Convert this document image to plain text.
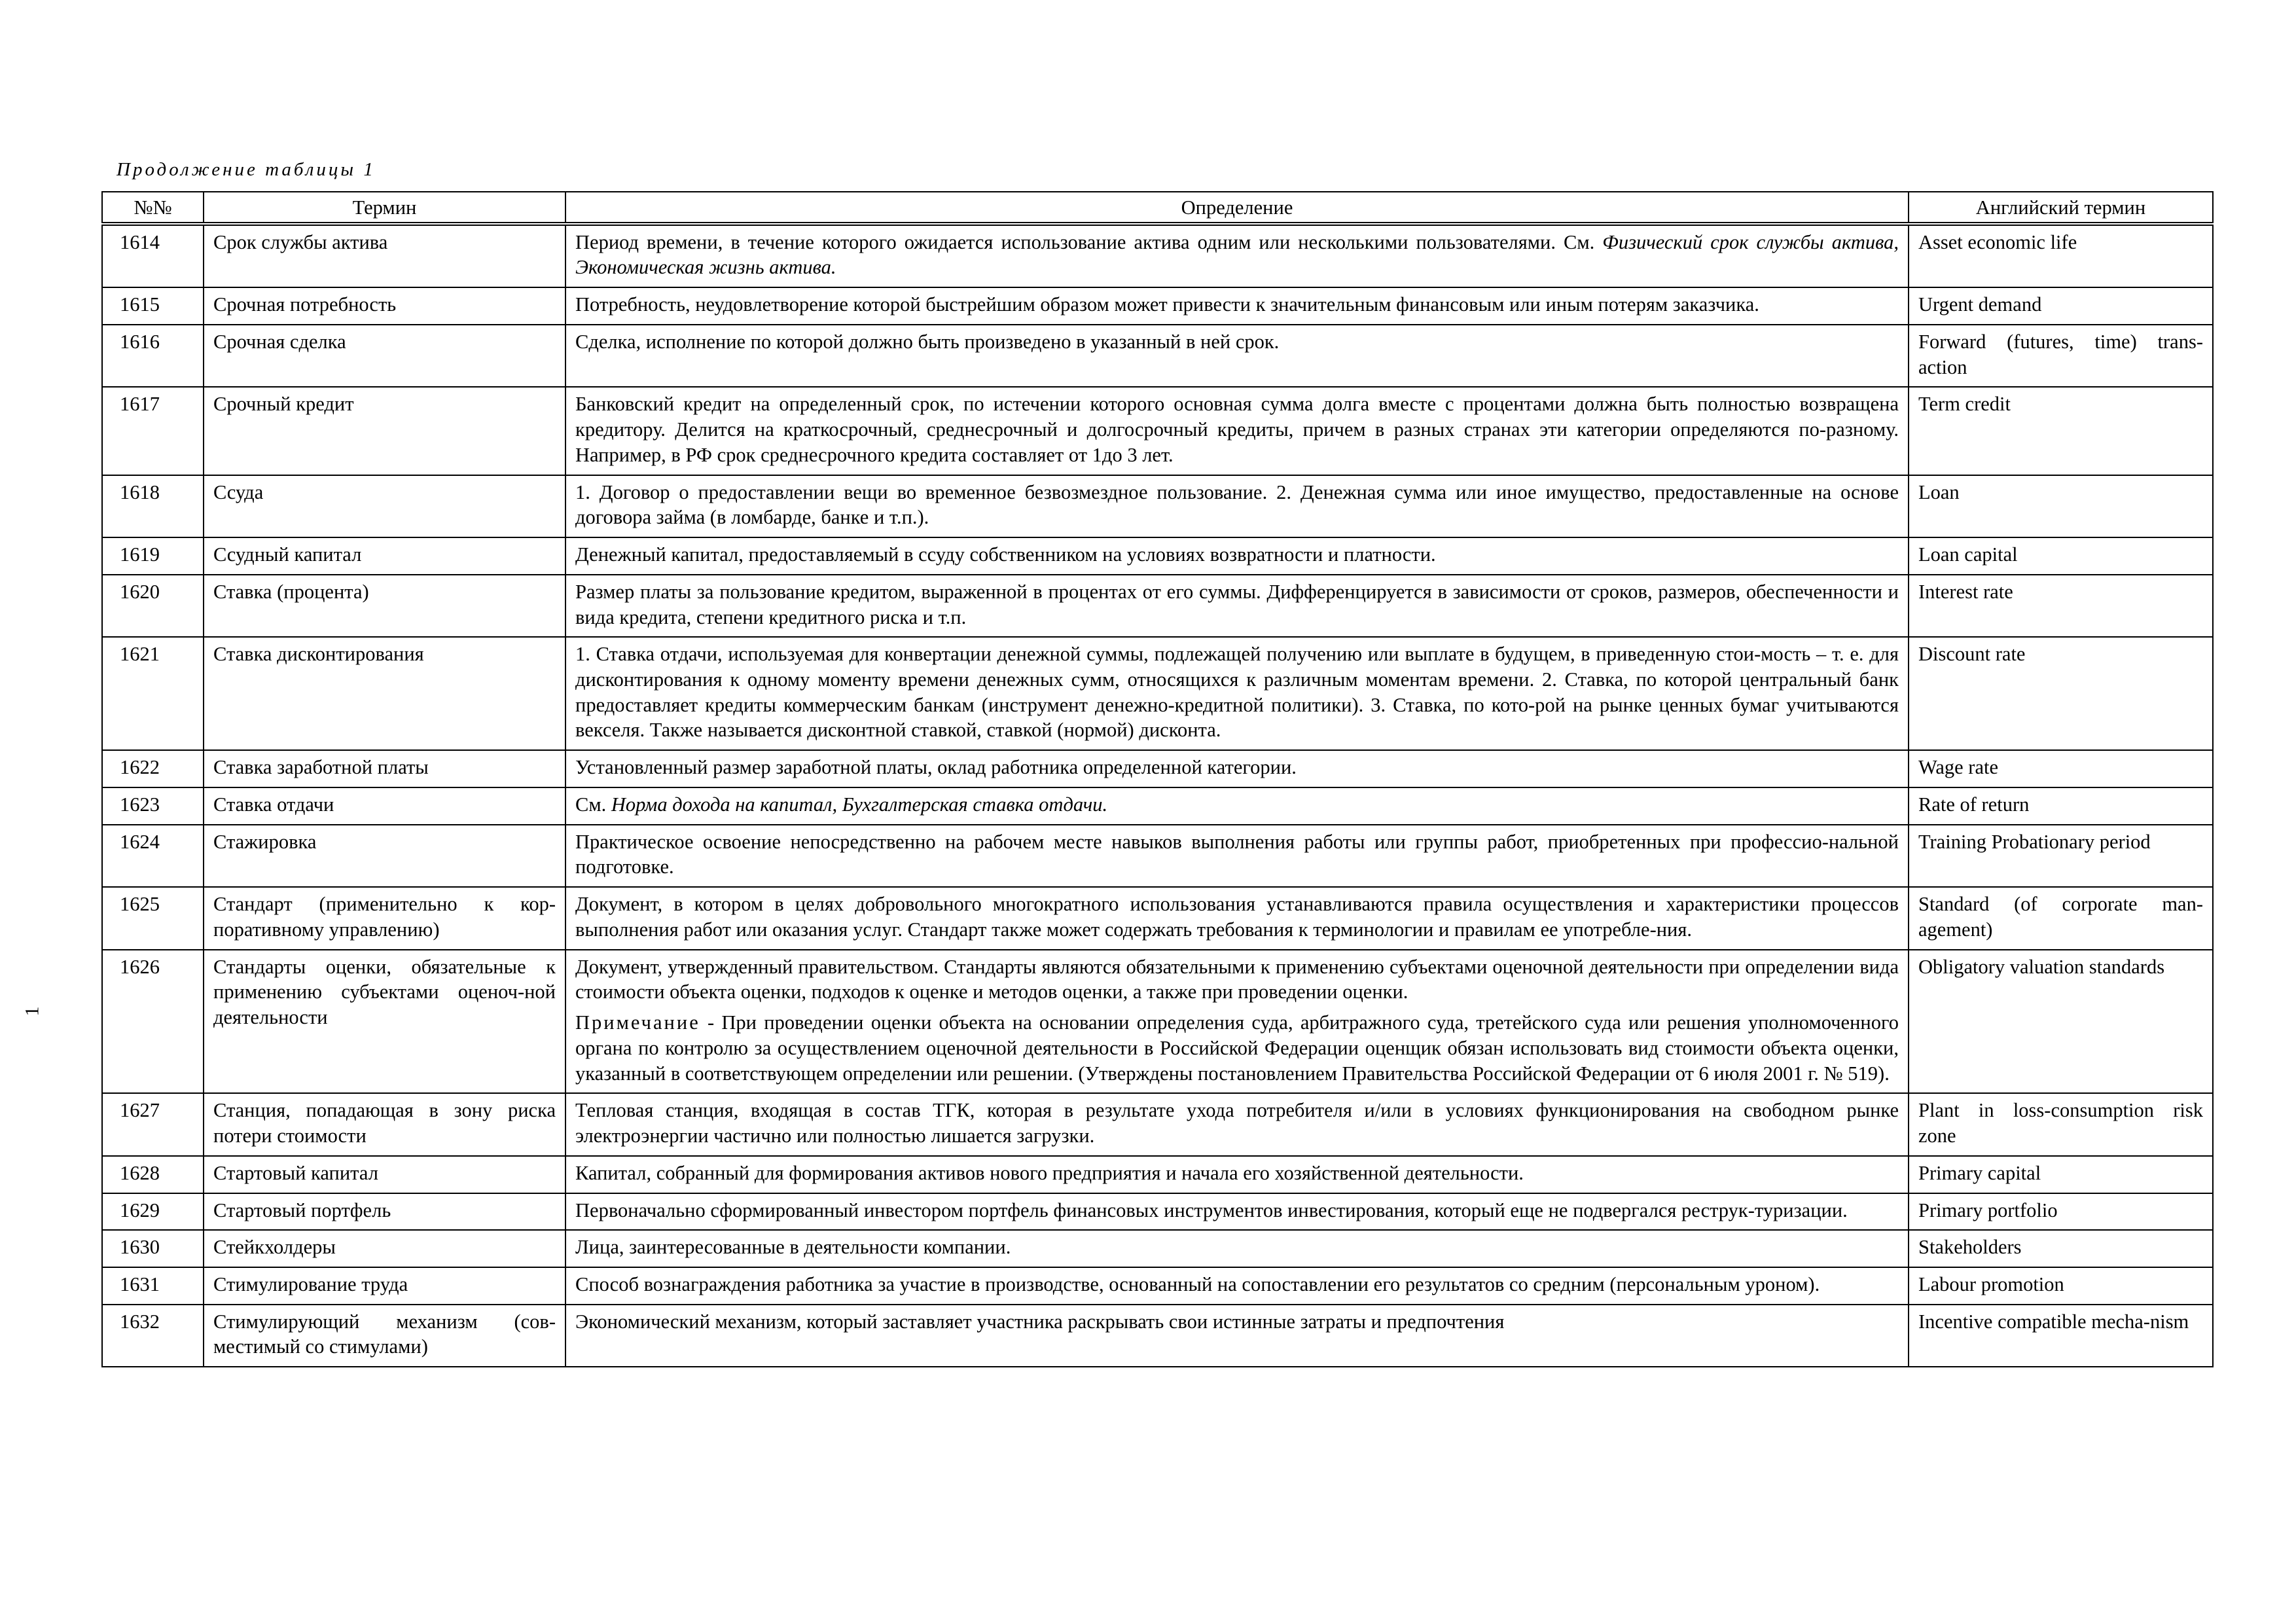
Продолжение таблицы 1
1
№№	Термин	Определение	Английский термин
1614	Срок службы актива	Период времени, в течение которого ожидается использование актива одним или несколькими пользователями. См. Физический срок службы актива, Экономическая жизнь актива.	Asset economic life
1615	Срочная потребность	Потребность, неудовлетворение которой быстрейшим образом может привести к значительным финансовым или иным потерям заказчика.	Urgent demand
1616	Срочная сделка	Сделка, исполнение по которой должно быть произведено в указанный в ней срок.	Forward (futures, time) trans-action
1617	Срочный кредит	Банковский кредит на определенный срок, по истечении которого основная сумма долга вместе с процентами должна быть полностью возвращена кредитору. Делится на краткосрочный, среднесрочный и долгосрочный кредиты, причем в разных странах эти категории определяются по-разному. Например, в РФ срок среднесрочного кредита составляет от 1до 3 лет.	Term credit
1618	Ссуда	1. Договор о предоставлении вещи во временное безвозмездное пользование. 2. Денежная сумма или иное имущество, предоставленные на основе договора займа (в ломбарде, банке и т.п.).	Loan
1619	Ссудный капитал	Денежный капитал, предоставляемый в ссуду собственником на условиях возвратности и платности.	Loan capital
1620	Ставка (процента)	Размер платы за пользование кредитом, выраженной в процентах от его суммы. Дифференцируется в зависимости от сроков, размеров, обеспеченности и вида кредита, степени кредитного риска и т.п.	Interest rate
1621	Ставка дисконтирования	1. Ставка отдачи, используемая для конвертации денежной суммы, подлежащей получению или выплате в будущем, в приведенную стои-мость – т. е. для дисконтирования к одному моменту времени денежных сумм, относящихся к различным моментам времени. 2. Ставка, по которой центральный банк предоставляет кредиты коммерческим банкам (инструмент денежно-кредитной политики). 3. Ставка, по кото-рой на рынке ценных бумаг учитываются векселя. Также называется дисконтной ставкой, ставкой (нормой) дисконта.	Discount rate
1622	Ставка заработной платы	Установленный размер заработной платы, оклад работника определенной категории.	Wage rate
1623	Ставка отдачи	См. Норма дохода на капитал, Бухгалтерская ставка отдачи.	Rate of return
1624	Стажировка	Практическое освоение непосредственно на рабочем месте навыков выполнения работы или группы работ, приобретенных при профессио-нальной подготовке.	Training Probationary period
1625	Стандарт (применительно к кор-поративному управлению)	Документ, в котором в целях добровольного многократного использования устанавливаются правила осуществления и характеристики процессов выполнения работ или оказания услуг. Стандарт также может содержать требования к терминологии и правилам ее употребле-ния.	Standard (of corporate man-agement)
1626	Стандарты оценки, обязательные к применению субъектами оценоч-ной деятельности	Документ, утвержденный правительством. Стандарты являются обязательными к применению субъектами оценочной деятельности при определении вида стоимости объекта оценки, подходов к оценке и методов оценки, а также при проведении оценки.

Примечание - При проведении оценки объекта на основании определения суда, арбитражного суда, третейского суда или решения уполномоченного органа по контролю за осуществлением оценочной деятельности в Российской Федерации оценщик обязан использовать вид стоимости объекта оценки, указанный в соответствующем определении или решении. (Утверждены постановлением Правительства Российской Федерации от 6 июля 2001 г. № 519).	Obligatory valuation standards
1627	Станция, попадающая в зону риска потери стоимости	Тепловая станция, входящая в состав ТГК, которая в результате ухода потребителя и/или в условиях функционирования на свободном рынке электроэнергии частично или полностью лишается загрузки.	Plant in loss-consumption risk zone
1628	Стартовый капитал	Капитал, собранный для формирования активов нового предприятия и начала его хозяйственной деятельности.	Primary capital
1629	Стартовый портфель	Первоначально сформированный инвестором портфель финансовых инструментов инвестирования, который еще не подвергался реструк-туризации.	Primary portfolio
1630	Стейкхолдеры	Лица, заинтересованные в деятельности компании.	Stakeholders
1631	Стимулирование труда	Способ вознаграждения работника за участие в производстве, основанный на сопоставлении его результатов со средним (персональным уроном).	Labour promotion
1632	Стимулирующий механизм (сов-местимый со стимулами)	Экономический механизм, который заставляет участника раскрывать свои истинные затраты и предпочтения	Incentive compatible mecha-nism
